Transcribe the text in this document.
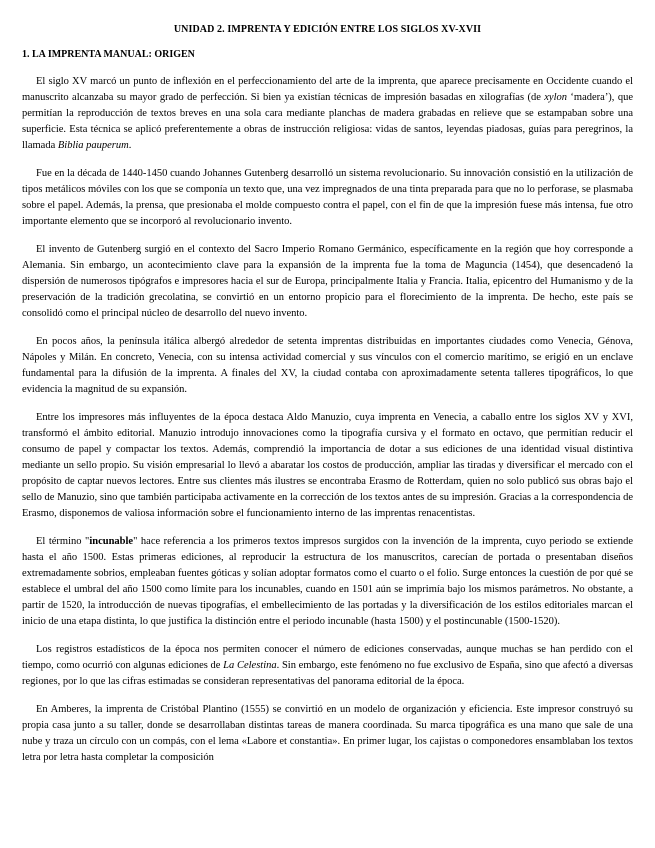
UNIDAD 2. IMPRENTA Y EDICIÓN ENTRE LOS SIGLOS XV-XVII
1. LA IMPRENTA MANUAL: ORIGEN

El siglo XV marcó un punto de inflexión en el perfeccionamiento del arte de la imprenta, que aparece precisamente en Occidente cuando el manuscrito alcanzaba su mayor grado de perfección. Si bien ya existían técnicas de impresión basadas en xilografías (de xylon ‘madera’), que permitían la reproducción de textos breves en una sola cara mediante planchas de madera grabadas en relieve que se estampaban sobre una superficie. Esta técnica se aplicó preferentemente a obras de instrucción religiosa: vidas de santos, leyendas piadosas, guías para peregrinos, la llamada Biblia pauperum.

Fue en la década de 1440-1450 cuando Johannes Gutenberg desarrolló un sistema revolucionario. Su innovación consistió en la utilización de tipos metálicos móviles con los que se componía un texto que, una vez impregnados de una tinta preparada para que no lo perforase, se plasmaba sobre el papel. Además, la prensa, que presionaba el molde compuesto contra el papel, con el fin de que la impresión fuese más intensa, fue otro importante elemento que se incorporó al revolucionario invento.

El invento de Gutenberg surgió en el contexto del Sacro Imperio Romano Germánico, específicamente en la región que hoy corresponde a Alemania. Sin embargo, un acontecimiento clave para la expansión de la imprenta fue la toma de Maguncia (1454), que desencadenó la dispersión de numerosos tipógrafos e impresores hacia el sur de Europa, principalmente Italia y Francia. Italia, epicentro del Humanismo y de la preservación de la tradición grecolatina, se convirtió en un entorno propicio para el florecimiento de la imprenta. De hecho, este país se consolidó como el principal núcleo de desarrollo del nuevo invento.

En pocos años, la península itálica albergó alrededor de setenta imprentas distribuidas en importantes ciudades como Venecia, Génova, Nápoles y Milán. En concreto, Venecia, con su intensa actividad comercial y sus vínculos con el comercio marítimo, se erigió en un enclave fundamental para la difusión de la imprenta. A finales del XV, la ciudad contaba con aproximadamente setenta talleres tipográficos, lo que evidencia la magnitud de su expansión.

Entre los impresores más influyentes de la época destaca Aldo Manuzio, cuya imprenta en Venecia, a caballo entre los siglos XV y XVI, transformó el ámbito editorial. Manuzio introdujo innovaciones como la tipografía cursiva y el formato en octavo, que permitían reducir el consumo de papel y compactar los textos. Además, comprendió la importancia de dotar a sus ediciones de una identidad visual distintiva mediante un sello propio. Su visión empresarial lo llevó a abaratar los costos de producción, ampliar las tiradas y diversificar el mercado con el propósito de captar nuevos lectores. Entre sus clientes más ilustres se encontraba Erasmo de Rotterdam, quien no solo publicó sus obras bajo el sello de Manuzio, sino que también participaba activamente en la corrección de los textos antes de su impresión. Gracias a la correspondencia de Erasmo, disponemos de valiosa información sobre el funcionamiento interno de las imprentas renacentistas.

El término "incunable" hace referencia a los primeros textos impresos surgidos con la invención de la imprenta, cuyo periodo se extiende hasta el año 1500. Estas primeras ediciones, al reproducir la estructura de los manuscritos, carecían de portada o presentaban diseños extremadamente sobrios, empleaban fuentes góticas y solían adoptar formatos como el cuarto o el folio. Surge entonces la cuestión de por qué se establece el umbral del año 1500 como límite para los incunables, cuando en 1501 aún se imprimía bajo los mismos parámetros. No obstante, a partir de 1520, la introducción de nuevas tipografías, el embellecimiento de las portadas y la diversificación de los estilos editoriales marcan el inicio de una etapa distinta, lo que justifica la distinción entre el periodo incunable (hasta 1500) y el postincunable (1500-1520).

Los registros estadísticos de la época nos permiten conocer el número de ediciones conservadas, aunque muchas se han perdido con el tiempo, como ocurrió con algunas ediciones de La Celestina. Sin embargo, este fenómeno no fue exclusivo de España, sino que afectó a diversas regiones, por lo que las cifras estimadas se consideran representativas del panorama editorial de la época.

En Amberes, la imprenta de Cristóbal Plantino (1555) se convirtió en un modelo de organización y eficiencia. Este impresor construyó su propia casa junto a su taller, donde se desarrollaban distintas tareas de manera coordinada. Su marca tipográfica es una mano que sale de una nube y traza un círculo con un compás, con el lema «Labore et constantia». En primer lugar, los cajistas o componedores ensamblaban los textos letra por letra hasta completar la composición
